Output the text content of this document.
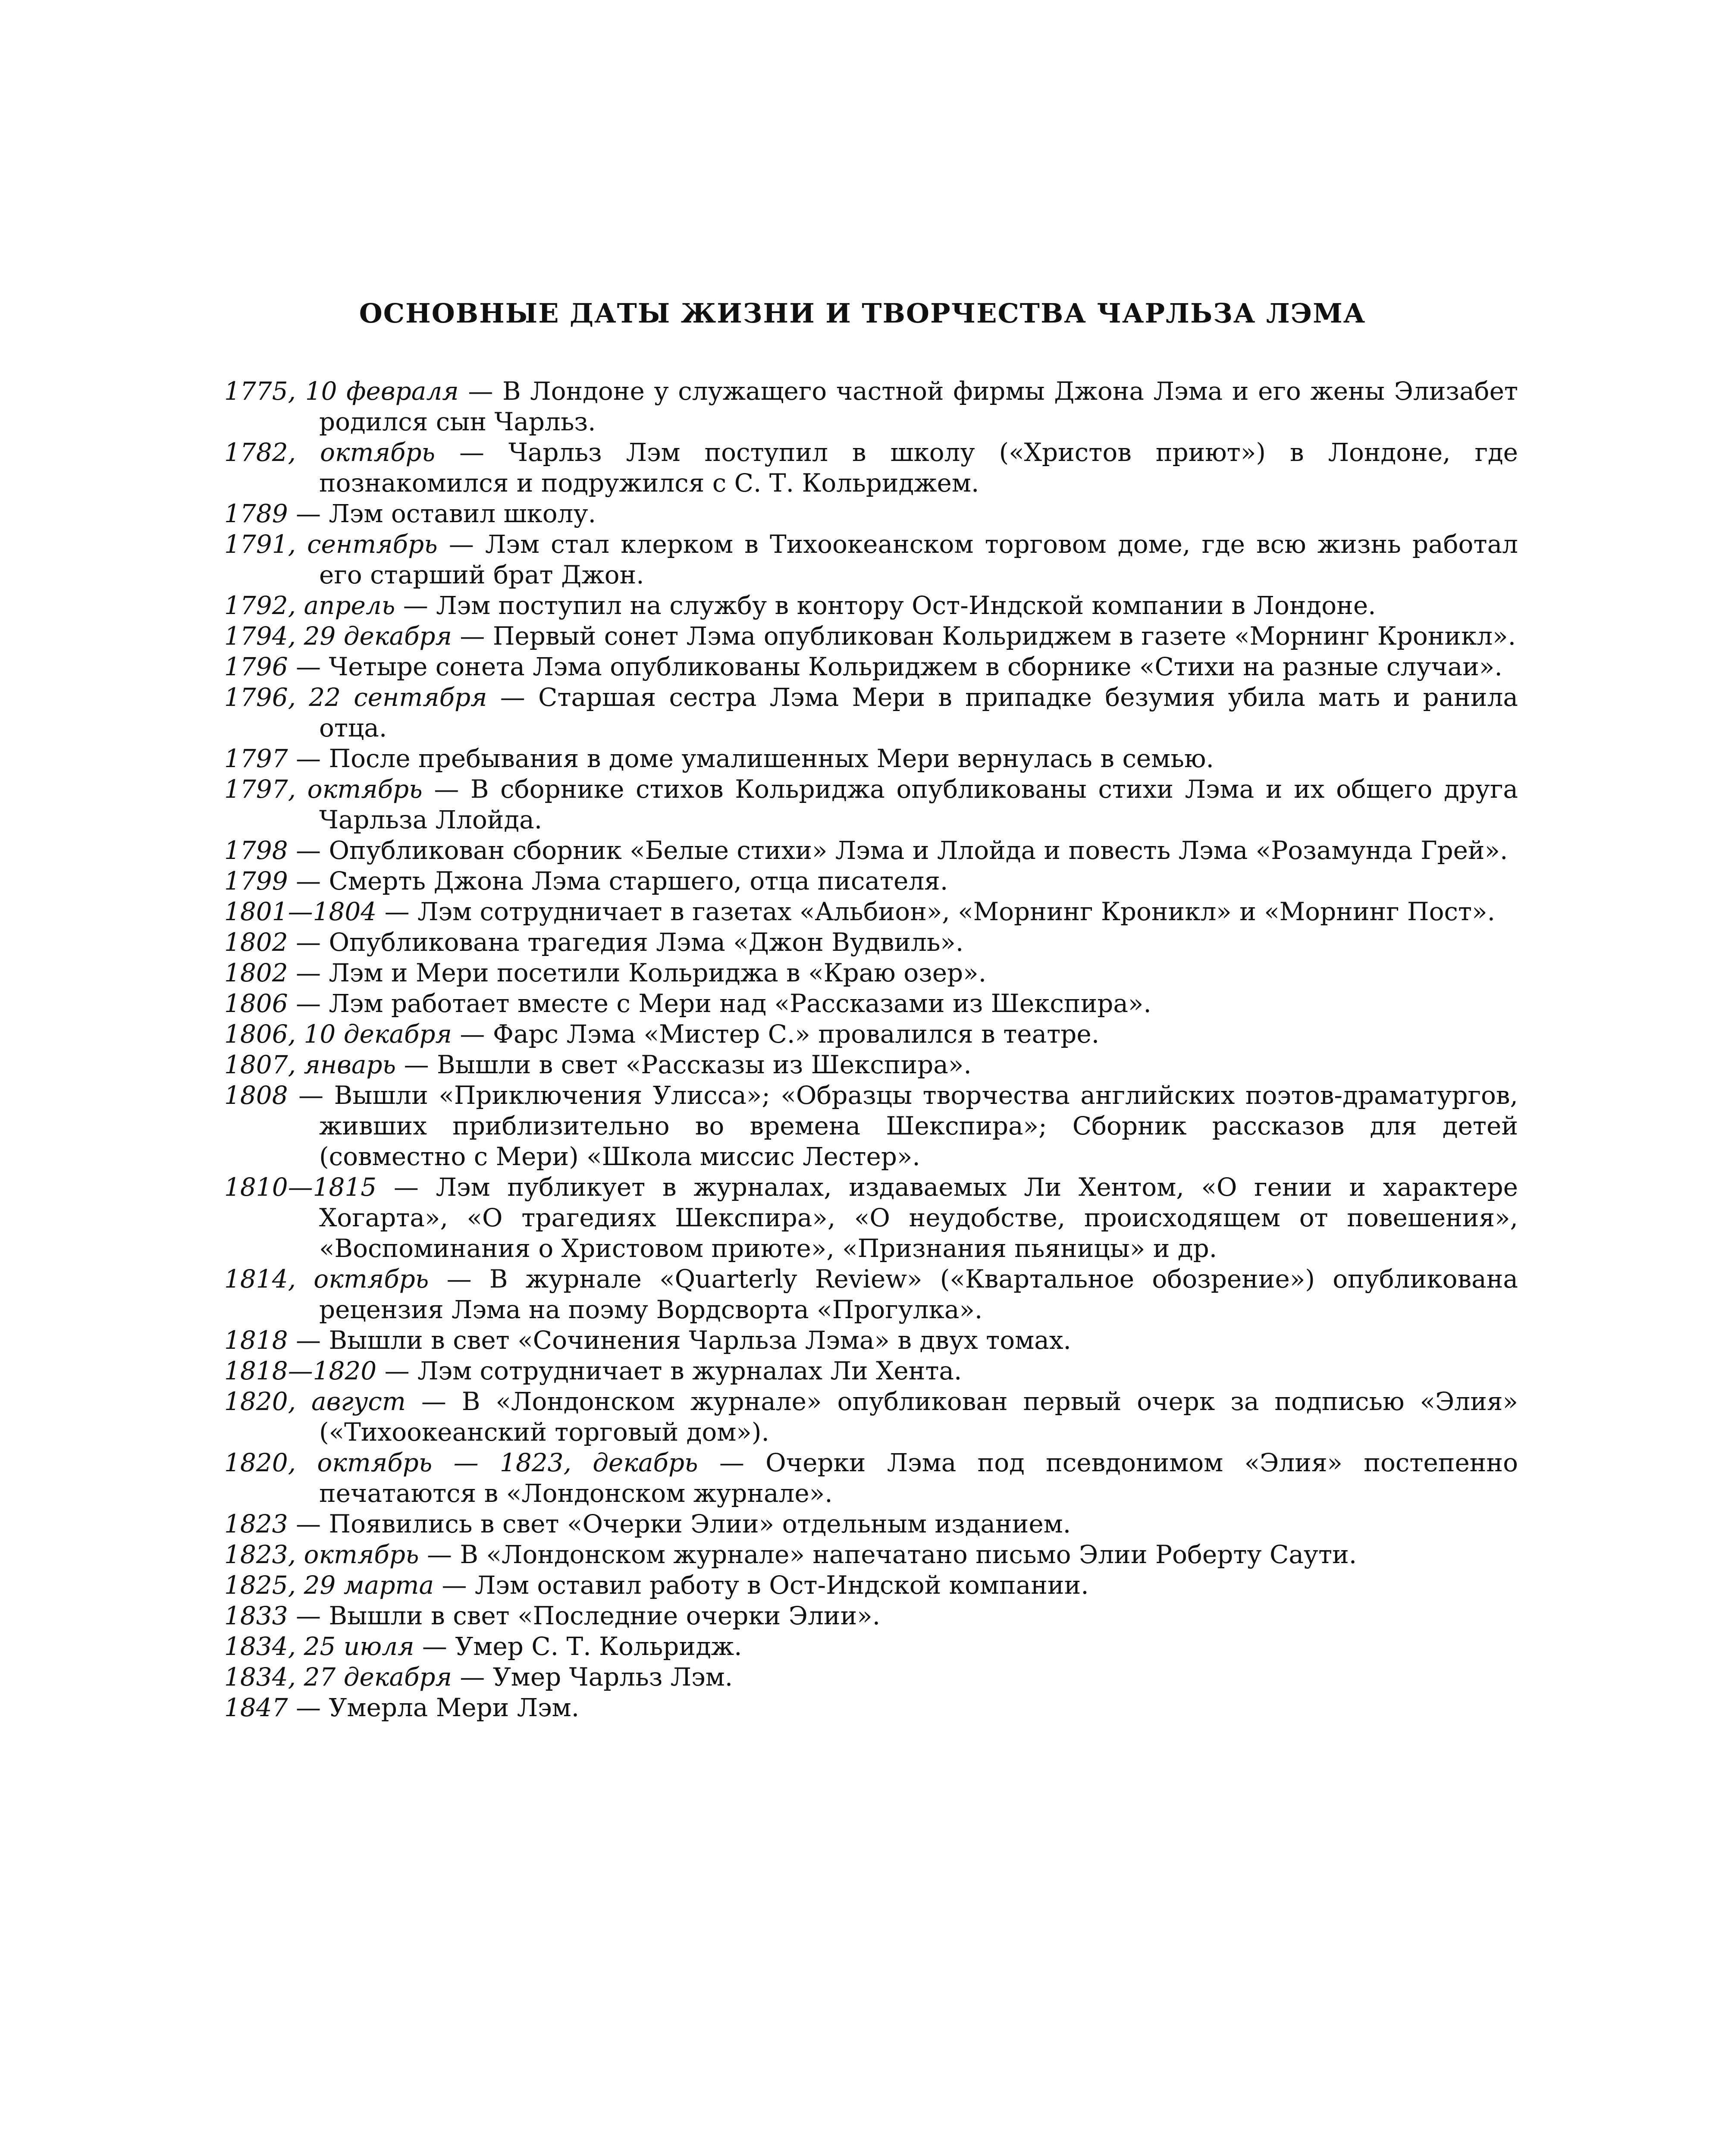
ОСНОВНЫЕ ДАТЫ ЖИЗНИ И ТВОРЧЕСТВА ЧАРЛЬЗА ЛЭМА
1775, 10 февраля — В Лондоне у служащего частной фирмы Джона Лэма и его жены Элизабет родился сын Чарльз.
1782, октябрь — Чарльз Лэм поступил в школу («Христов приют») в Лондоне, где познакомился и подружился с С. Т. Кольриджем.
1789 — Лэм оставил школу.
1791, сентябрь — Лэм стал клерком в Тихоокеанском торговом доме, где всю жизнь работал его старший брат Джон.
1792, апрель — Лэм поступил на службу в контору Ост-Индской компании в Лондоне.
1794, 29 декабря — Первый сонет Лэма опубликован Кольриджем в газете «Морнинг Кроникл».
1796 — Четыре сонета Лэма опубликованы Кольриджем в сборнике «Стихи на разные случаи».
1796, 22 сентября — Старшая сестра Лэма Мери в припадке безумия убила мать и ранила отца.
1797 — После пребывания в доме умалишенных Мери вернулась в семью.
1797, октябрь — В сборнике стихов Кольриджа опубликованы стихи Лэма и их общего друга Чарльза Ллойда.
1798 — Опубликован сборник «Белые стихи» Лэма и Ллойда и повесть Лэма «Розамунда Грей».
1799 — Смерть Джона Лэма старшего, отца писателя.
1801—1804 — Лэм сотрудничает в газетах «Альбион», «Морнинг Кроникл» и «Морнинг Пост».
1802 — Опубликована трагедия Лэма «Джон Вудвиль».
1802 — Лэм и Мери посетили Кольриджа в «Краю озер».
1806 — Лэм работает вместе с Мери над «Рассказами из Шекспира».
1806, 10 декабря — Фарс Лэма «Мистер С.» провалился в театре.
1807, январь — Вышли в свет «Рассказы из Шекспира».
1808 — Вышли «Приключения Улисса»; «Образцы творчества английских поэтов-драматургов, живших приблизительно во времена Шекспира»; Сборник рассказов для детей (совместно с Мери) «Школа миссис Лестер».
1810—1815 — Лэм публикует в журналах, издаваемых Ли Хентом, «О гении и характере Хогарта», «О трагедиях Шекспира», «О неудобстве, происходящем от повешения», «Воспоминания о Христовом приюте», «Признания пьяницы» и др.
1814, октябрь — В журнале «Quarterly Review» («Квартальное обозрение») опубликована рецензия Лэма на поэму Вордсворта «Прогулка».
1818 — Вышли в свет «Сочинения Чарльза Лэма» в двух томах.
1818—1820 — Лэм сотрудничает в журналах Ли Хента.
1820, август — В «Лондонском журнале» опубликован первый очерк за подписью «Элия» («Тихоокеанский торговый дом»).
1820, октябрь — 1823, декабрь — Очерки Лэма под псевдонимом «Элия» постепенно печатаются в «Лондонском журнале».
1823 — Появились в свет «Очерки Элии» отдельным изданием.
1823, октябрь — В «Лондонском журнале» напечатано письмо Элии Роберту Саути.
1825, 29 марта — Лэм оставил работу в Ост-Индской компании.
1833 — Вышли в свет «Последние очерки Элии».
1834, 25 июля — Умер С. Т. Кольридж.
1834, 27 декабря — Умер Чарльз Лэм.
1847 — Умерла Мери Лэм.
